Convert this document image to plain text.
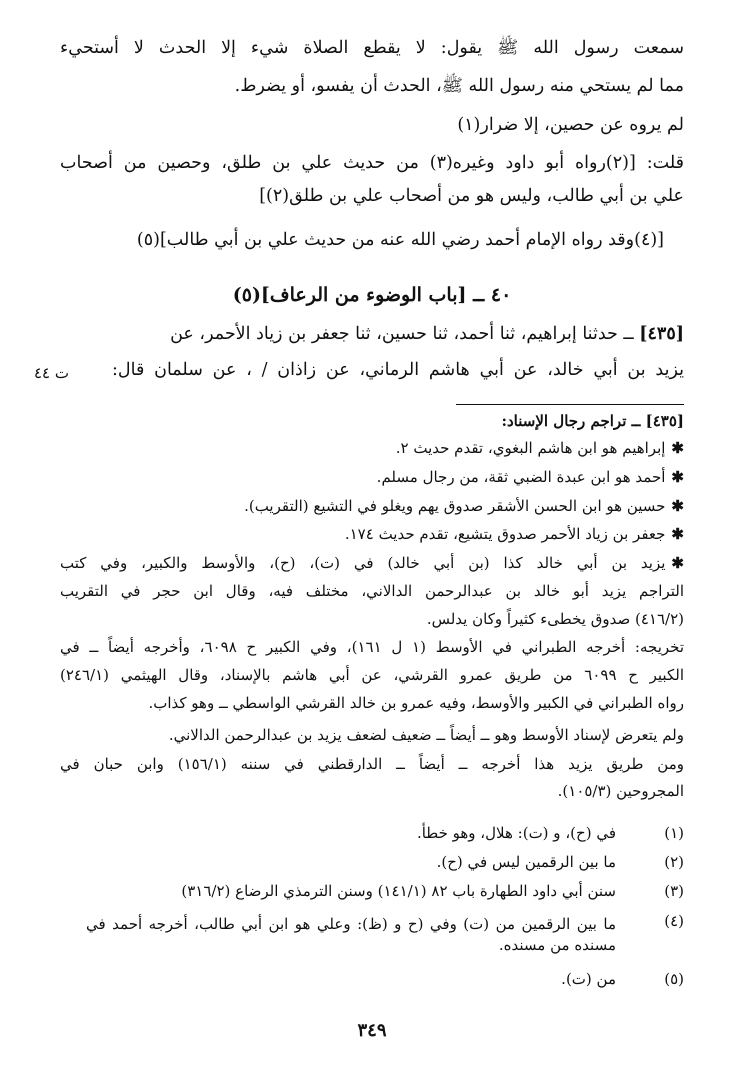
سمعت رسول الله ﷺ يقول: لا يقطع الصلاة شيء إلا الحدث لا أستحيء
مما لم يستحي منه رسول الله ﷺ، الحدث أن يفسو، أو يضرط.
لم يروه عن حصين، إلا ضرار(١)
قلت: [(٢)رواه أبو داود وغيره(٣) من حديث علي بن طلق، وحصين من أصحاب
علي بن أبي طالب، وليس هو من أصحاب علي بن طلق(٢)]
[(٤)وقد رواه الإمام أحمد رضي الله عنه من حديث علي بن أبي طالب](٥)
٤٠ ــ [باب الوضوء من الرعاف](٥)
[٤٣٥] ــ حدثنا إبراهيم، ثنا أحمد، ثنا حسين، ثنا جعفر بن زياد الأحمر، عن
يزيد بن أبي خالد، عن أبي هاشم الرماني، عن زاذان / ، عن سلمان قال:
ت ٤٤
[٤٣٥] ــ تراجم رجال الإسناد:
✱إبراهيم هو ابن هاشم البغوي، تقدم حديث ٢.
✱أحمد هو ابن عبدة الضبي ثقة، من رجال مسلم.
✱حسين هو ابن الحسن الأشقر صدوق يهم ويغلو في التشيع (التقريب).
✱جعفر بن زياد الأحمر صدوق يتشيع، تقدم حديث ١٧٤.
✱يزيد بن أبي خالد كذا (بن أبي خالد) في (ت)، (ح)، والأوسط والكبير، وفي كتب
التراجم يزيد أبو خالد بن عبدالرحمن الدالاني، مختلف فيه، وقال ابن حجر في التقريب
(٤١٦/٢) صدوق يخطىء كثيراً وكان يدلس.
تخريجه: أخرجه الطبراني في الأوسط (١ ل ١٦١)، وفي الكبير ح ٦٠٩٨، وأخرجه أيضاً ــ في
الكبير ح ٦٠٩٩ من طريق عمرو القرشي، عن أبي هاشم بالإسناد، وقال الهيثمي (٢٤٦/١)
رواه الطبراني في الكبير والأوسط، وفيه عمرو بن خالد القرشي الواسطي ــ وهو كذاب.
ولم يتعرض لإسناد الأوسط وهو ــ أيضاً ــ ضعيف لضعف يزيد بن عبدالرحمن الدالاني.
ومن طريق يزيد هذا أخرجه ــ أيضاً ــ الدارقطني في سننه (١٥٦/١) وابن حبان في
المجروحين (١٠٥/٣).
(١)
في (ح)، و (ت): هلال، وهو خطأ.
(٢)
ما بين الرقمين ليس في (ح).
(٣)
سنن أبي داود الطهارة باب ٨٢ (١٤١/١) وسنن الترمذي الرضاع (٣١٦/٢)
(٤)
ما بين الرقمين من (ت) وفي (ح و (ظ): وعلي هو ابن أبي طالب، أخرجه أحمد في مسنده من مسنده.
(٥)
من (ت).
٣٤٩
